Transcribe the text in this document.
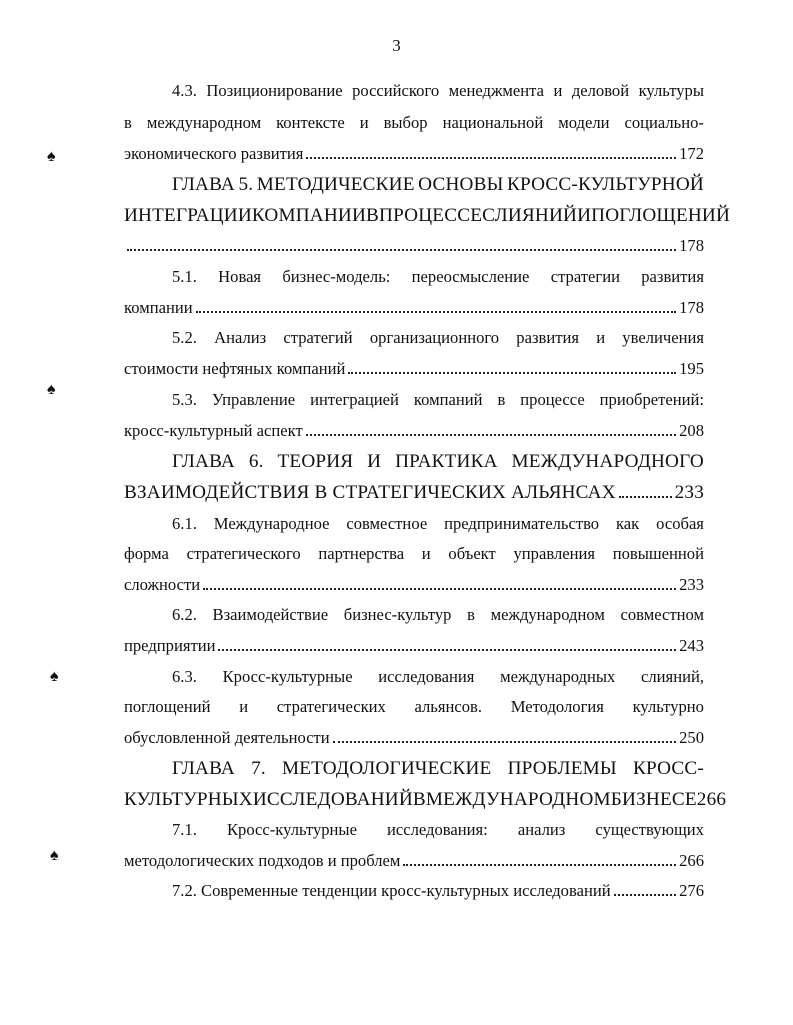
3
♠
♠
♠
♠
4.3. Позиционирование российского менеджмента и деловой культуры
в международном контексте и выбор национальной модели социально-
экономического развития	172
ГЛАВА 5. МЕТОДИЧЕСКИЕ ОСНОВЫ КРОСС-КУЛЬТУРНОЙ
ИНТЕГРАЦИИ КОМПАНИИ В ПРОЦЕССЕ СЛИЯНИЙ И ПОГЛОЩЕНИЙ
178
5.1. Новая бизнес-модель: переосмысление стратегии развития
компании	178
5.2. Анализ стратегий организационного развития и увеличения
стоимости нефтяных компаний	195
5.3. Управление интеграцией компаний в процессе приобретений:
кросс-культурный аспект	208
ГЛАВА 6. ТЕОРИЯ И ПРАКТИКА МЕЖДУНАРОДНОГО
ВЗАИМОДЕЙСТВИЯ В СТРАТЕГИЧЕСКИХ АЛЬЯНСАХ	233
6.1. Международное совместное предпринимательство как особая
форма стратегического партнерства и объект управления повышенной
сложности	233
6.2. Взаимодействие бизнес-культур в международном совместном
предприятии	243
6.3. Кросс-культурные исследования международных слияний,
поглощений и стратегических альянсов. Методология культурно
обусловленной деятельности	250
ГЛАВА 7. МЕТОДОЛОГИЧЕСКИЕ ПРОБЛЕМЫ КРОСС-
КУЛЬТУРНЫХ ИССЛЕДОВАНИЙ В МЕЖДУНАРОДНОМ БИЗНЕСЕ 266
7.1. Кросс-культурные исследования: анализ существующих
методологических подходов и проблем	266
7.2. Современные тенденции кросс-культурных исследований	276
